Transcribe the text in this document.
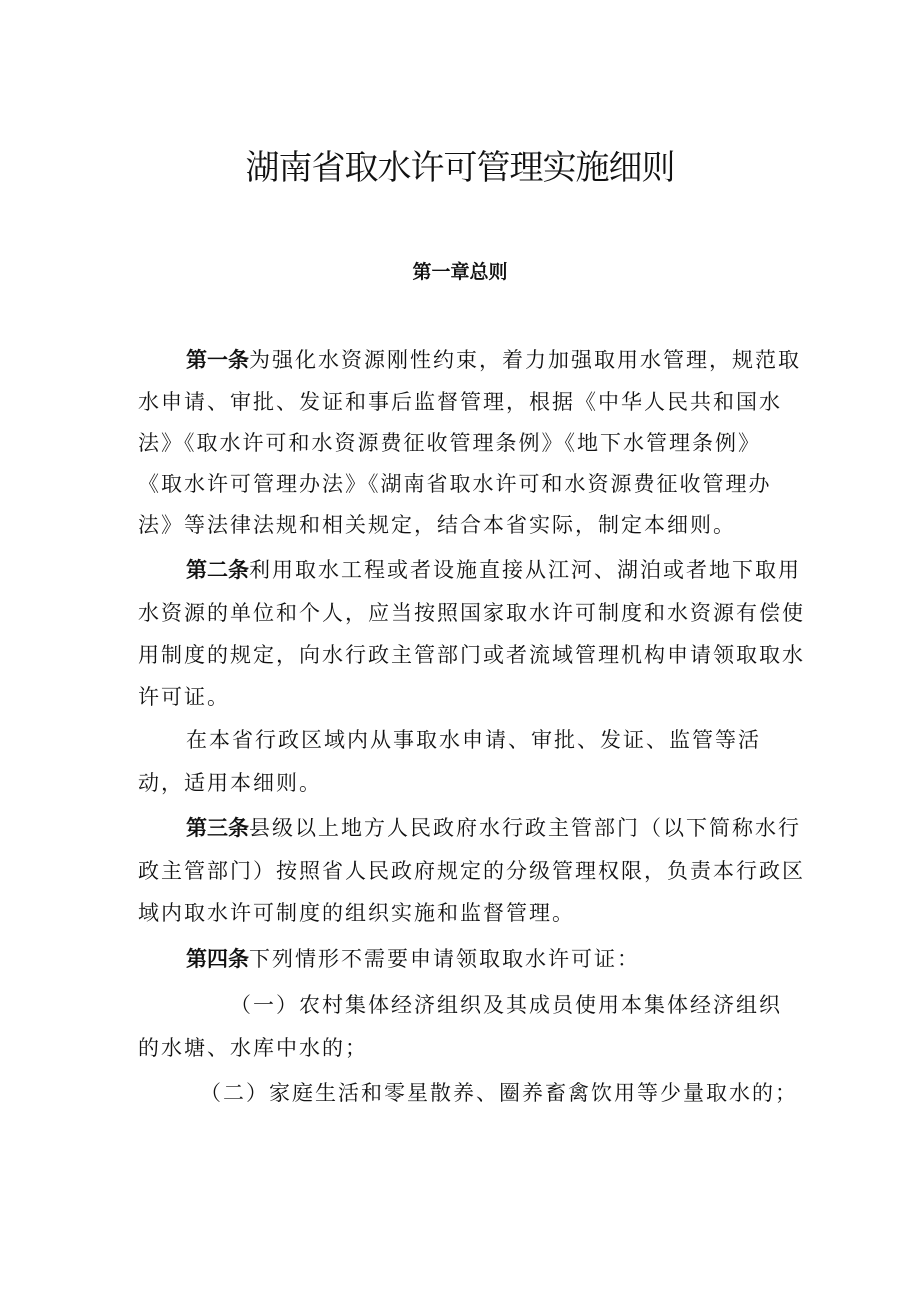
湖南省取水许可管理实施细则
第一章总则
第一条为强化水资源刚性约束，着力加强取用水管理，规范取
水申请、审批、发证和事后监督管理，根据《中华人民共和国水
法》《取水许可和水资源费征收管理条例》《地下水管理条例》
《取水许可管理办法》《湖南省取水许可和水资源费征收管理办
法》等法律法规和相关规定，结合本省实际，制定本细则。
第二条利用取水工程或者设施直接从江河、湖泊或者地下取用
水资源的单位和个人，应当按照国家取水许可制度和水资源有偿使
用制度的规定，向水行政主管部门或者流域管理机构申请领取取水
许可证。
在本省行政区域内从事取水申请、审批、发证、监管等活
动，适用本细则。
第三条县级以上地方人民政府水行政主管部门（以下简称水行
政主管部门）按照省人民政府规定的分级管理权限，负责本行政区
域内取水许可制度的组织实施和监督管理。
第四条下列情形不需要申请领取取水许可证：
（一）农村集体经济组织及其成员使用本集体经济组织
的水塘、水库中水的；
（二）家庭生活和零星散养、圈养畜禽饮用等少量取水的；
